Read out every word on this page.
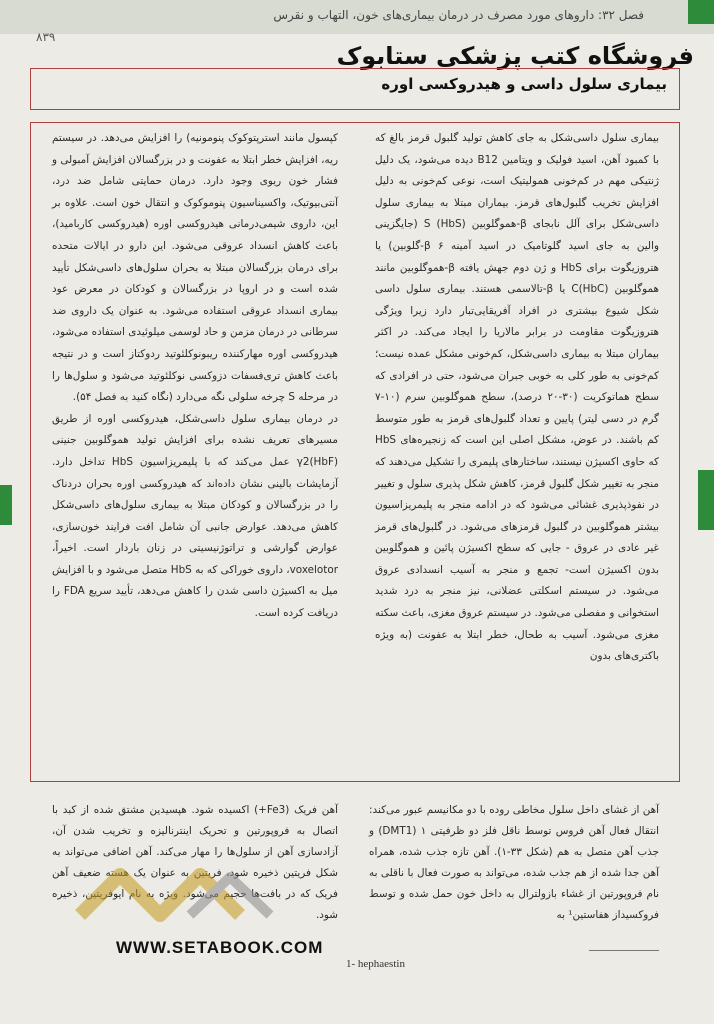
فصل ۳۲: داروهای مورد مصرف در درمان بیماری‌های خون، التهاب و نقرس
۸۳۹
فروشگاه کتب پزشکی ستابوک
بیماری سلول داسی و هیدروکسی اوره

بیماری سلول داسی‌شکل به جای کاهش تولید گلبول قرمز بالغ که با کمبود آهن، اسید فولیک و ویتامین B12 دیده می‌شود، یک دلیل ژنتیکی مهم در کم‌خونی همولیتیک است، نوعی کم‌خونی به دلیل افزایش تخریب گلبول‌های قرمز. بیماران مبتلا به بیماری سلول داسی‌شکل برای آلل نابجای β-هموگلوبین S (HbS) (جایگزینی والین به جای اسید گلوتامیک در اسید آمینه ۶ β-گلوبین) یا هتروزیگوت برای HbS و ژن دوم جهش یافته β-هموگلوبین مانند هموگلوبین C(HbC) یا β-تالاسمی هستند. بیماری سلول داسی شکل شیوع بیشتری در افراد آفریقایی‌تبار دارد زیرا ویژگی هتروزیگوت مقاومت در برابر مالاریا را ایجاد می‌کند. در اکثر بیماران مبتلا به بیماری داسی‌شکل، کم‌خونی مشکل عمده نیست؛ کم‌خونی به طور کلی به خوبی جبران می‌شود، حتی در افرادی که سطح هماتوکریت (۳۰-۲۰ درصد)، سطح هموگلوبین سرم (۱۰-۷ گرم در دسی لیتر) پایین و تعداد گلبول‌های قرمز به طور متوسط کم باشند. در عوض، مشکل اصلی این است که زنجیره‌های HbS که حاوی اکسیژن نیستند، ساختارهای پلیمری را تشکیل می‌دهند که منجر به تغییر شکل گلبول قرمز، کاهش شکل پذیری سلول و تغییر در نفوذپذیری غشائی می‌شود که در ادامه منجر به پلیمریزاسیون بیشتر هموگلوبین در گلبول قرمزهای می‌شود. در گلبول‌های قرمز غیر عادی در عروق - جایی که سطح اکسیژن پائین و هموگلوبین بدون اکسیژن است- تجمع و منجر به آسیب انسدادی عروق می‌شود. در سیستم اسکلتی عضلانی، نیز منجر به درد شدید استخوانی و مفصلی می‌شود. در سیستم عروق مغزی، باعث سکته مغزی می‌شود. آسیب به طحال، خطر ابتلا به عفونت (به ویژه باکتری‌های بدون

کپسول مانند استرپتوکوک پنومونیه) را افزایش می‌دهد. در سیستم ریه، افزایش خطر ابتلا به عفونت و در بزرگسالان افزایش آمبولی و فشار خون ریوی وجود دارد. درمان حمایتی شامل ضد درد، آنتی‌بیوتیک، واکسیناسیون پنوموکوک و انتقال خون است. علاوه بر این، داروی شیمی‌درمانی هیدروکسی اوره (هیدروکسی کاربامید)، باعث کاهش انسداد عروقی می‌شود. این دارو در ایالات متحده برای درمان بزرگسالان مبتلا به بحران سلول‌های داسی‌شکل تأیید شده است و در اروپا در بزرگسالان و کودکان در معرض عود بیماری انسداد عروقی استفاده می‌شود. به عنوان یک داروی ضد سرطانی در درمان مزمن و حاد لوسمی میلوئیدی استفاده می‌شود، هیدروکسی اوره مهارکننده ریبونوکلئوتید ردوکتاز است و در نتیجه باعث کاهش تری‌فسفات دزوکسی نوکلئوتید می‌شود و سلول‌ها را در مرحله S چرخه سلولی نگه می‌دارد (نگاه کنید به فصل ۵۴).

در درمان بیماری سلول داسی‌شکل، هیدروکسی اوره از طریق مسیرهای تعریف نشده برای افزایش تولید هموگلوبین جنینی (HbF)γ2 عمل می‌کند که با پلیمریزاسیون HbS تداخل دارد. آزمایشات بالینی نشان داده‌اند که هیدروکسی اوره بحران دردناک را در بزرگسالان و کودکان مبتلا به بیماری سلول‌های داسی‌شکل کاهش می‌دهد. عوارض جانبی آن شامل افت فرایند خون‌سازی، عوارض گوارشی و تراتوژنیسیتی در زنان باردار است. اخیراً، voxelotor، داروی خوراکی که به HbS متصل می‌شود و با افزایش میل به اکسیژن داسی شدن را کاهش می‌دهد، تأیید سریع FDA را دریافت کرده است.

آهن از غشای داخل سلول مخاطی روده با دو مکانیسم عبور می‌کند: انتقال فعال آهن فروس توسط ناقل فلز دو ظرفیتی ۱ (DMT1) و جذب آهن متصل به هم (شکل ۳۳-۱). آهن تازه جذب شده، همراه آهن جدا شده از هم جذب شده، می‌تواند به صورت فعال با ناقلی به نام فروپورتین از غشاء بازولترال به داخل خون حمل شده و توسط فروکسیداز هفاستین¹ به

آهن فریک (Fe3+) اکسیده شود. هپسیدین مشتق شده از کبد با اتصال به فروپورتین و تحریک اینترنالیزه و تخریب شدن آن، آزادسازی آهن از سلول‌ها را مهار می‌کند. آهن اضافی می‌تواند به شکل فریتین ذخیره شود، فریتین به عنوان یک هسته ضعیف آهن فریک که در بافت‌ها حجیم می‌شود. ویژه به نام ایوفریتین، ذخیره شود.

1- hephaestin
WWW.SETABOOK.COM
